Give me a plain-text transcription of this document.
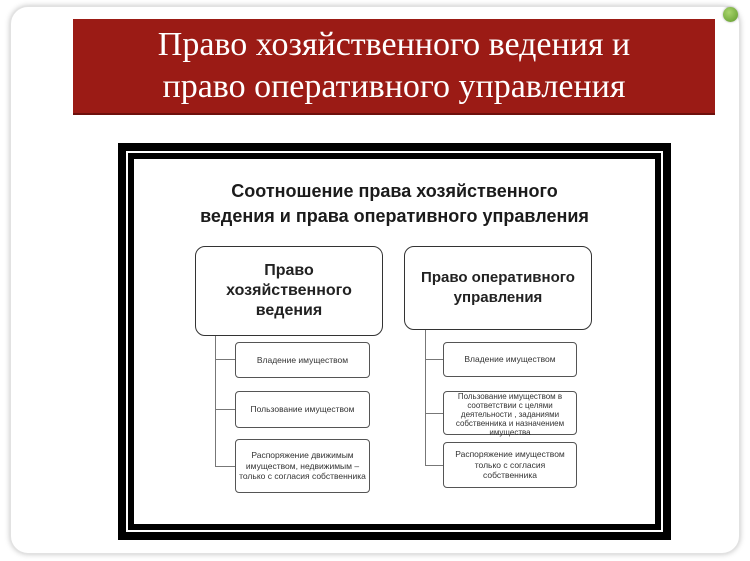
Право хозяйственного ведения и
право оперативного управления
Соотношение права хозяйственного
ведения и права оперативного управления
Право
хозяйственного
ведения
Право оперативного
управления
Владение имуществом
Пользование имуществом
Распоряжение движимым
имуществом, недвижимым –
только с согласия собственника
Владение имуществом
Пользование имуществом в
соответствии с целями
деятельности , заданиями
собственника и назначением
имущества
Распоряжение имуществом
только с согласия собственника
